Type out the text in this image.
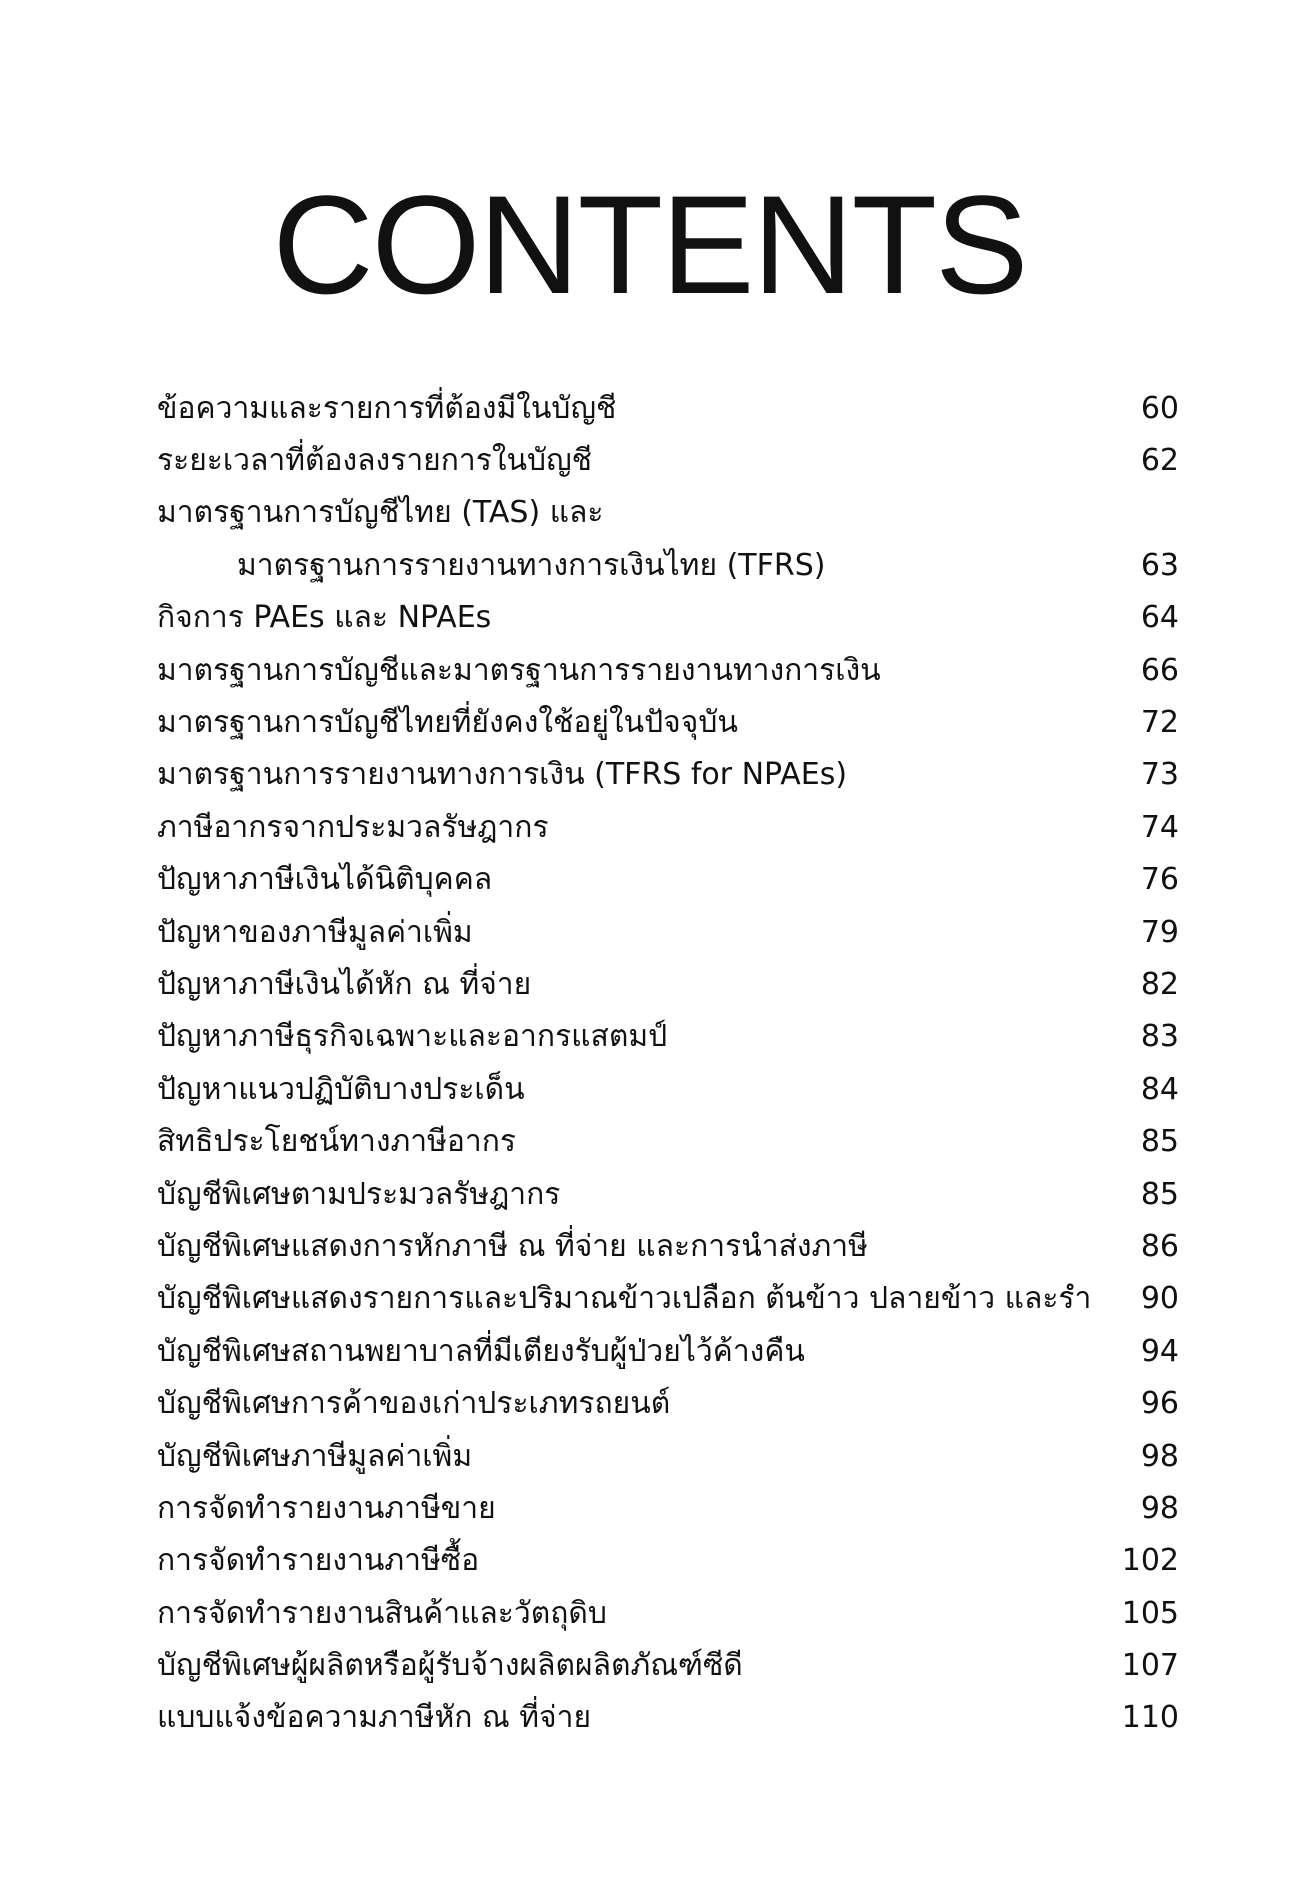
CONTENTS
ข้อความและรายการที่ต้องมีในบัญชี	60
ระยะเวลาที่ต้องลงรายการในบัญชี	62
มาตรฐานการบัญชีไทย (TAS) และ
มาตรฐานการรายงานทางการเงินไทย (TFRS)	63
กิจการ PAEs และ NPAEs	64
มาตรฐานการบัญชีและมาตรฐานการรายงานทางการเงิน	66
มาตรฐานการบัญชีไทยที่ยังคงใช้อยู่ในปัจจุบัน	72
มาตรฐานการรายงานทางการเงิน (TFRS for NPAEs)	73
ภาษีอากรจากประมวลรัษฎากร	74
ปัญหาภาษีเงินได้นิติบุคคล	76
ปัญหาของภาษีมูลค่าเพิ่ม	79
ปัญหาภาษีเงินได้หัก ณ ที่จ่าย	82
ปัญหาภาษีธุรกิจเฉพาะและอากรแสตมป์	83
ปัญหาแนวปฏิบัติบางประเด็น	84
สิทธิประโยชน์ทางภาษีอากร	85
บัญชีพิเศษตามประมวลรัษฎากร	85
บัญชีพิเศษแสดงการหักภาษี ณ ที่จ่าย และการนำส่งภาษี	86
บัญชีพิเศษแสดงรายการและปริมาณข้าวเปลือก ต้นข้าว ปลายข้าว และรำ	90
บัญชีพิเศษสถานพยาบาลที่มีเตียงรับผู้ป่วยไว้ค้างคืน	94
บัญชีพิเศษการค้าของเก่าประเภทรถยนต์	96
บัญชีพิเศษภาษีมูลค่าเพิ่ม	98
การจัดทำรายงานภาษีขาย	98
การจัดทำรายงานภาษีซื้อ	102
การจัดทำรายงานสินค้าและวัตถุดิบ	105
บัญชีพิเศษผู้ผลิตหรือผู้รับจ้างผลิตผลิตภัณฑ์ซีดี	107
แบบแจ้งข้อความภาษีหัก ณ ที่จ่าย	110
